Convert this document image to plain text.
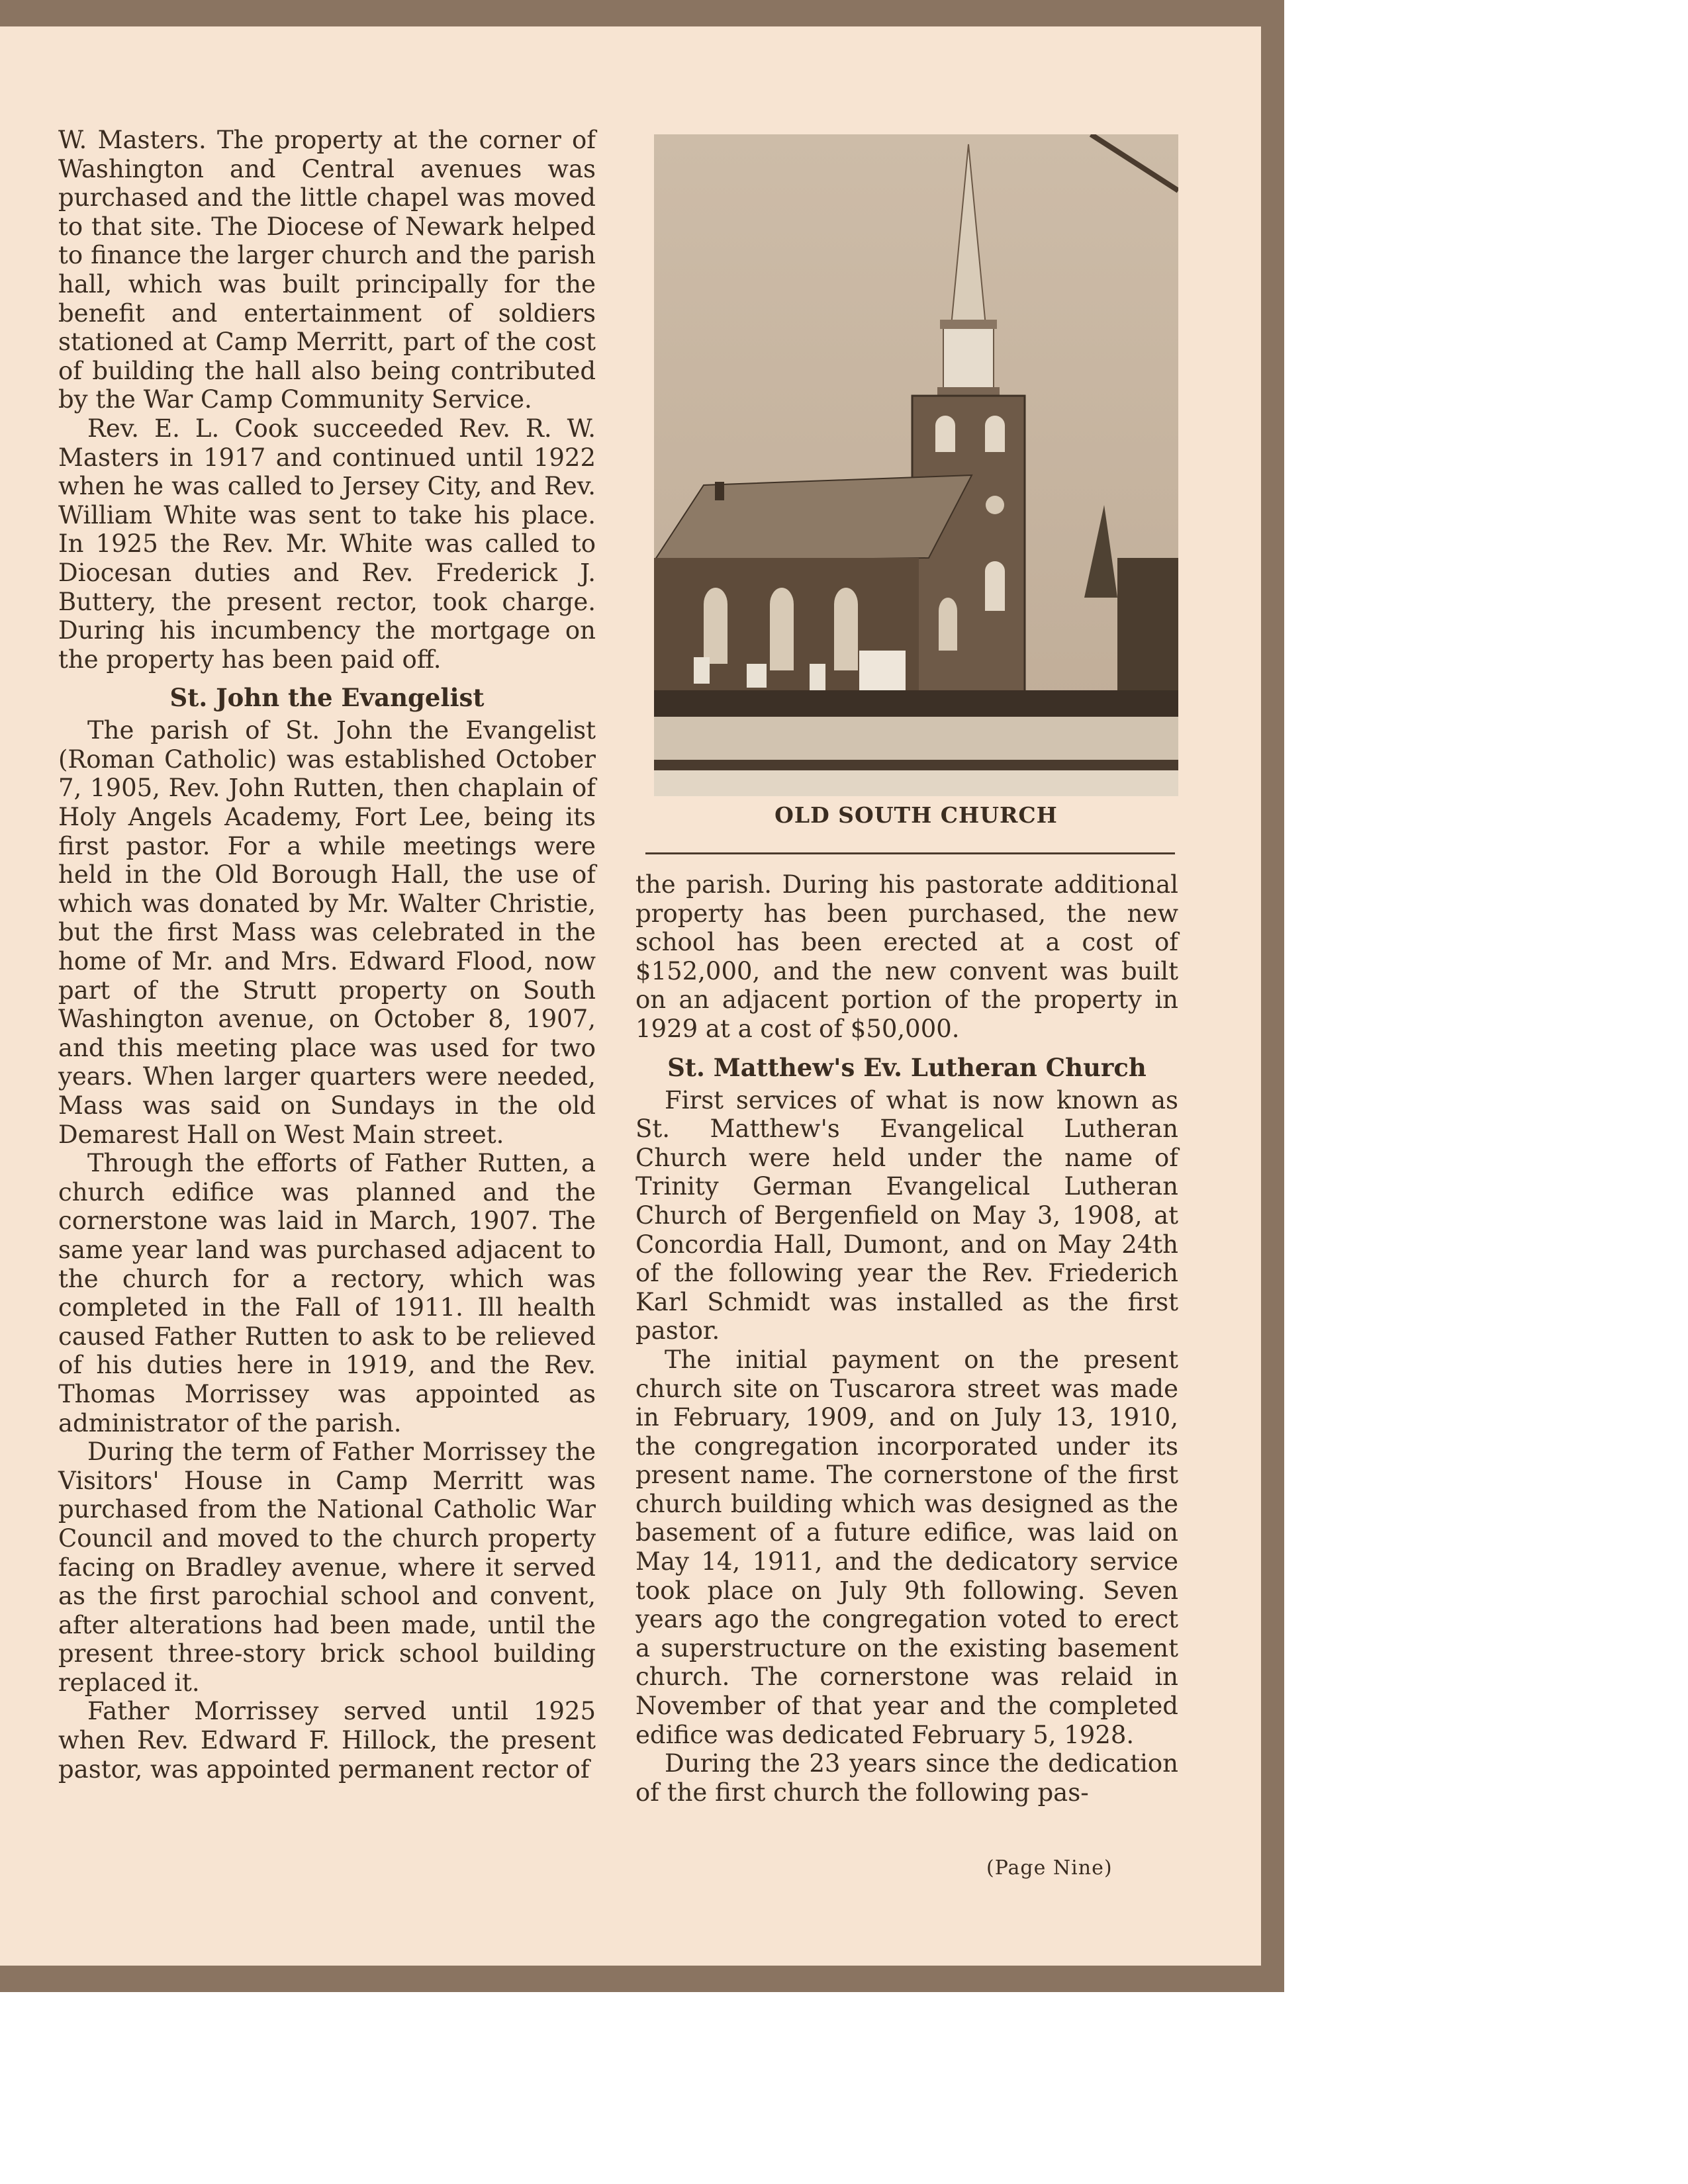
W. Masters. The property at the corner of Washington and Central avenues was purchased and the little chapel was moved to that site. The Diocese of Newark helped to finance the larger church and the parish hall, which was built principally for the benefit and entertainment of soldiers stationed at Camp Merritt, part of the cost of building the hall also being contributed by the War Camp Community Service.

Rev. E. L. Cook succeeded Rev. R. W. Masters in 1917 and continued until 1922 when he was called to Jersey City, and Rev. William White was sent to take his place. In 1925 the Rev. Mr. White was called to Diocesan duties and Rev. Frederick J. Buttery, the present rector, took charge. During his incumbency the mortgage on the property has been paid off.

St. John the Evangelist

The parish of St. John the Evangelist (Roman Catholic) was established October 7, 1905, Rev. John Rutten, then chaplain of Holy Angels Academy, Fort Lee, being its first pastor. For a while meetings were held in the Old Borough Hall, the use of which was donated by Mr. Walter Christie, but the first Mass was celebrated in the home of Mr. and Mrs. Edward Flood, now part of the Strutt property on South Washington avenue, on October 8, 1907, and this meeting place was used for two years. When larger quarters were needed, Mass was said on Sundays in the old Demarest Hall on West Main street.

Through the efforts of Father Rutten, a church edifice was planned and the cornerstone was laid in March, 1907. The same year land was purchased adjacent to the church for a rectory, which was completed in the Fall of 1911. Ill health caused Father Rutten to ask to be relieved of his duties here in 1919, and the Rev. Thomas Morrissey was appointed as administrator of the parish.

During the term of Father Morrissey the Visitors' House in Camp Merritt was purchased from the National Catholic War Council and moved to the church property facing on Bradley avenue, where it served as the first parochial school and convent, after alterations had been made, until the present three-story brick school building replaced it.

Father Morrissey served until 1925 when Rev. Edward F. Hillock, the present pastor, was appointed permanent rector of

OLD SOUTH CHURCH

the parish. During his pastorate additional property has been purchased, the new school has been erected at a cost of $152,000, and the new convent was built on an adjacent portion of the property in 1929 at a cost of $50,000.

St. Matthew's Ev. Lutheran Church

First services of what is now known as St. Matthew's Evangelical Lutheran Church were held under the name of Trinity German Evangelical Lutheran Church of Bergenfield on May 3, 1908, at Concordia Hall, Dumont, and on May 24th of the following year the Rev. Friederich Karl Schmidt was installed as the first pastor.

The initial payment on the present church site on Tuscarora street was made in February, 1909, and on July 13, 1910, the congregation incorporated under its present name. The cornerstone of the first church building which was designed as the basement of a future edifice, was laid on May 14, 1911, and the dedicatory service took place on July 9th following. Seven years ago the congregation voted to erect a superstructure on the existing basement church. The cornerstone was relaid in November of that year and the completed edifice was dedicated February 5, 1928.

During the 23 years since the dedication of the first church the following pas-

(Page Nine)
